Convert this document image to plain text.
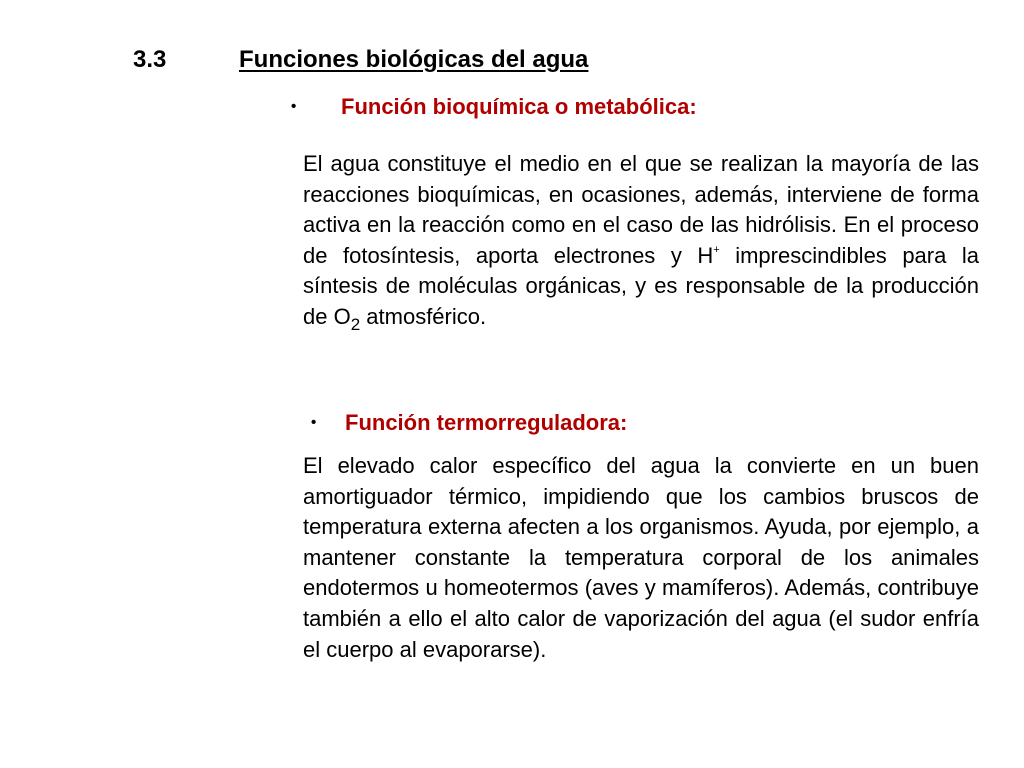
3.3	Funciones biológicas del agua
• Función bioquímica o metabólica:

El agua constituye el medio en el que se realizan la mayoría de las reacciones bioquímicas, en ocasiones, además, interviene de forma activa en la reacción como en el caso de las hidrólisis. En el proceso de fotosíntesis, aporta electrones y H+ imprescindibles para la síntesis de moléculas orgánicas, y es responsable de la producción de $O_2$ atmosférico.

• Función termorreguladora:

El elevado calor específico del agua la convierte en un buen amortiguador térmico, impidiendo que los cambios bruscos de temperatura externa afecten a los organismos. Ayuda, por ejemplo, a mantener constante la temperatura corporal de los animales endotermos u homeotermos (aves y mamíferos). Además, contribuye también a ello el alto calor de vaporización del agua (el sudor enfría el cuerpo al evaporarse).
